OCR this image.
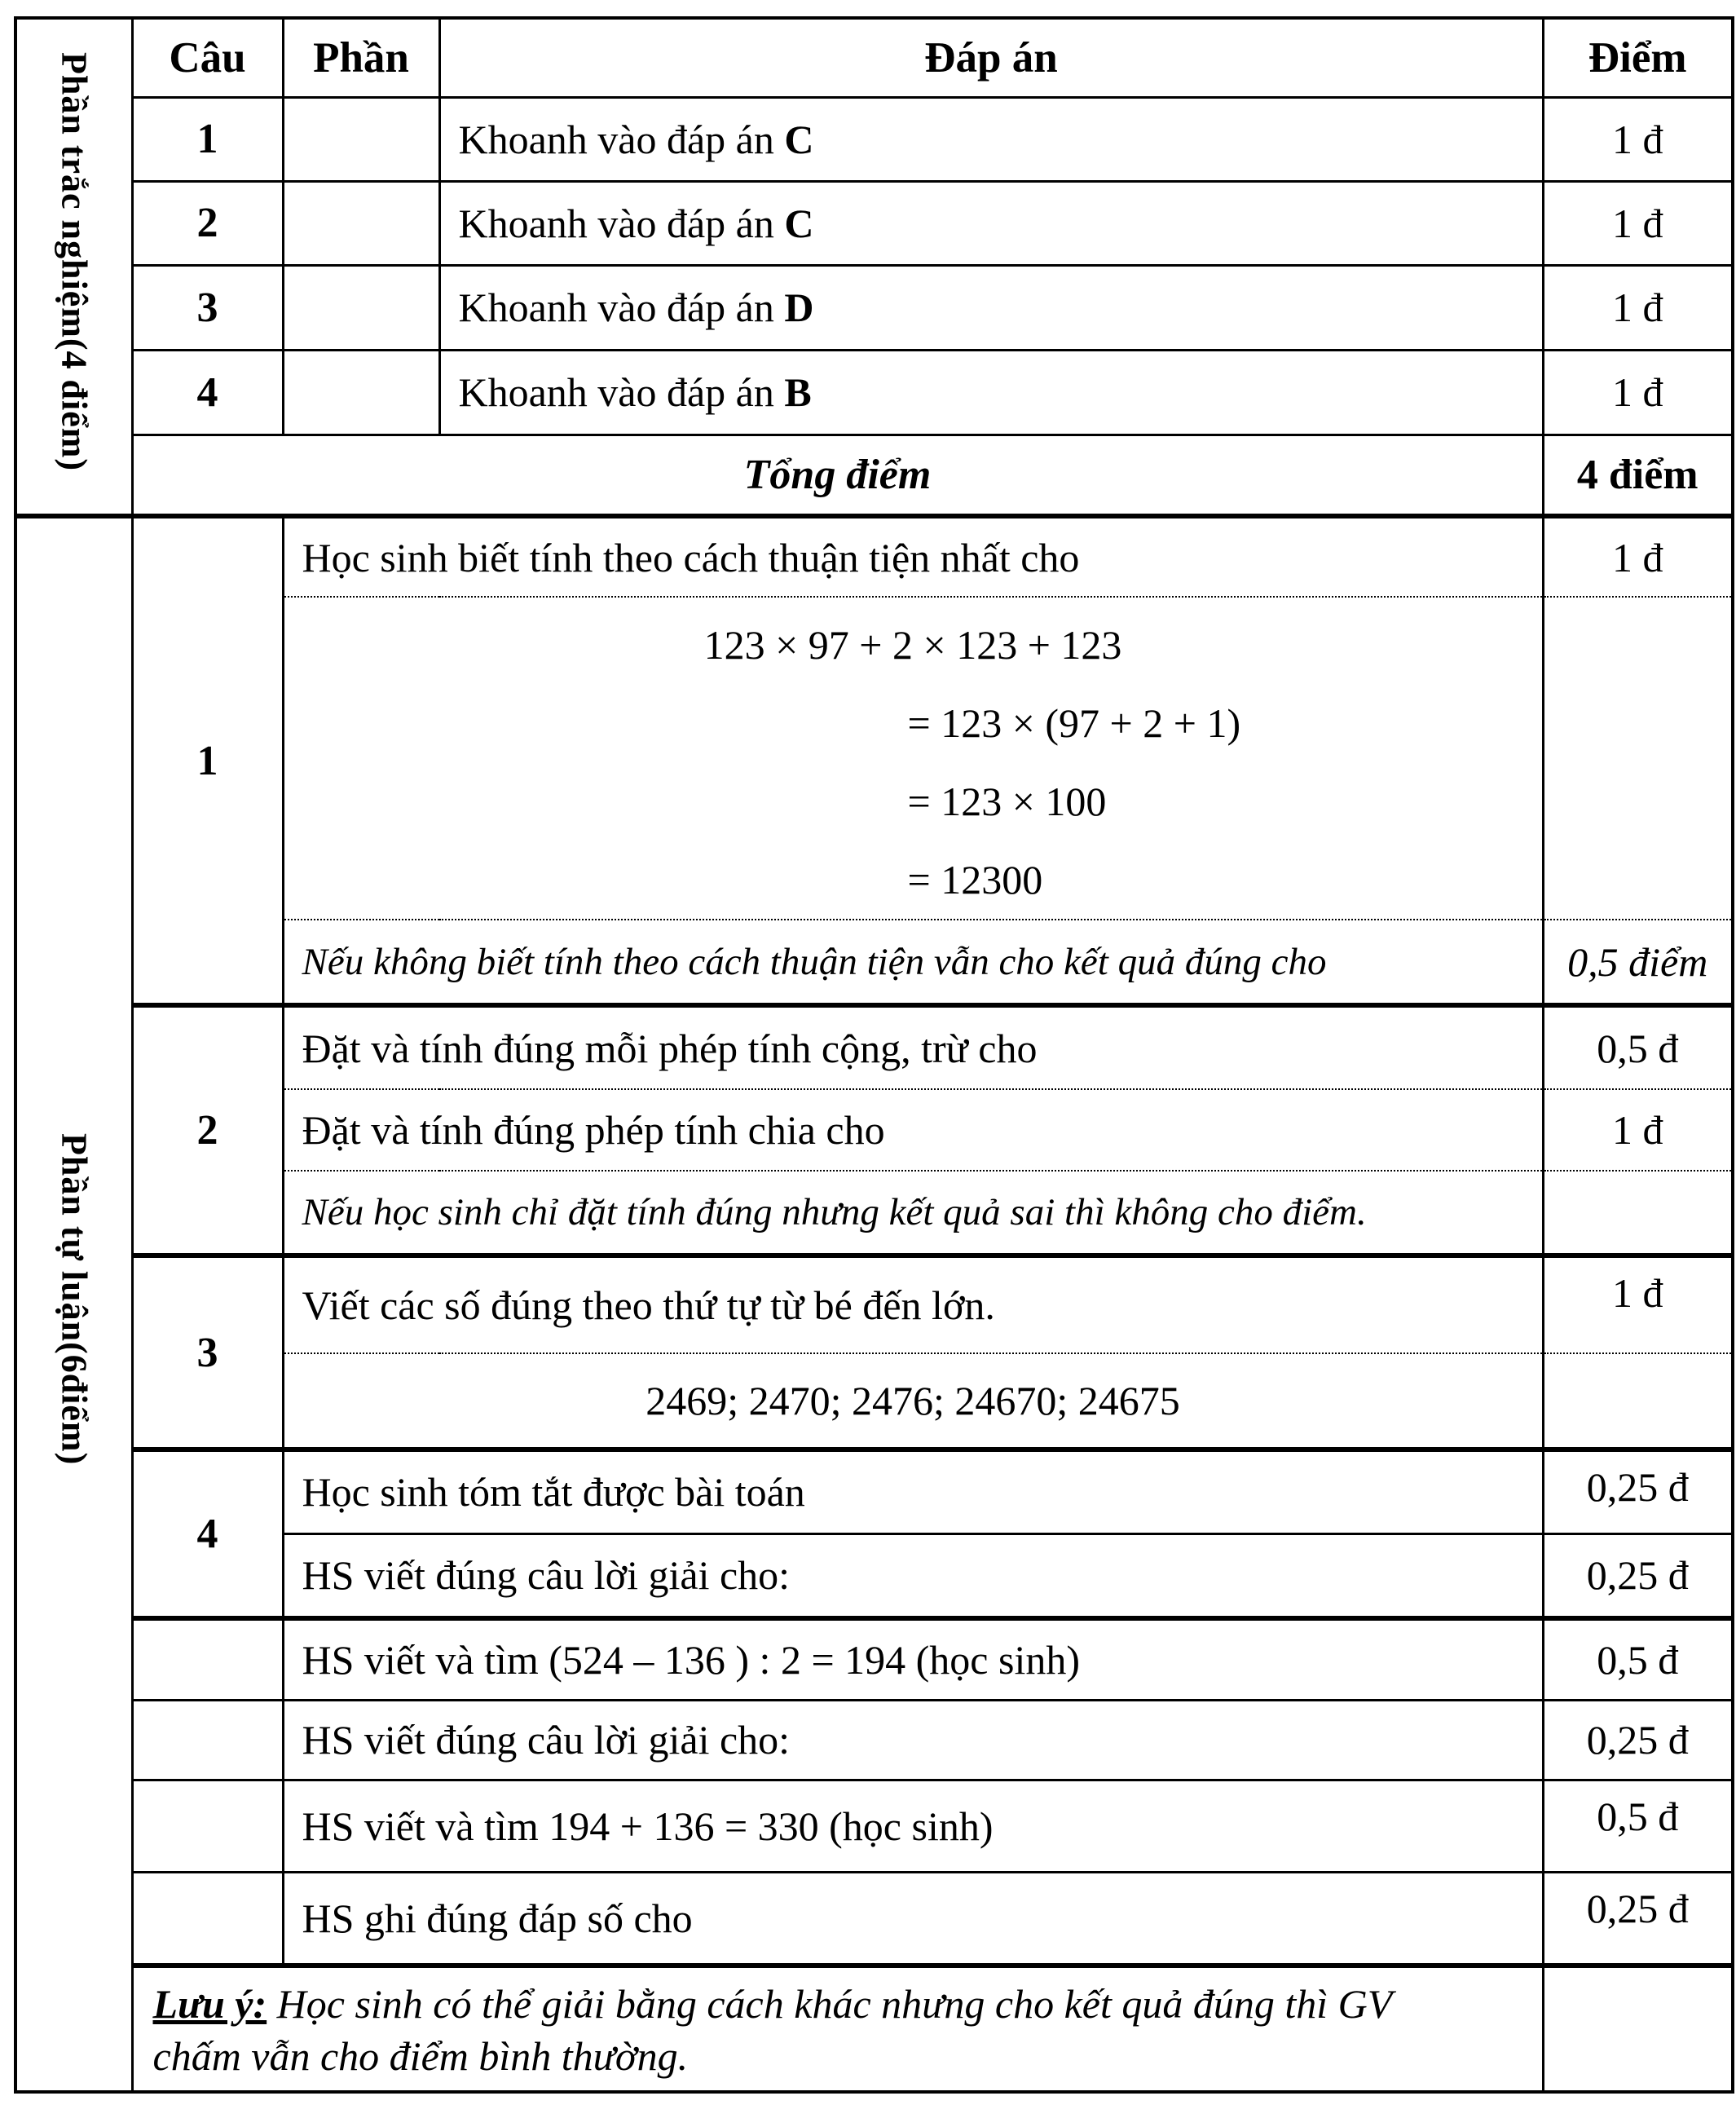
Phần trắc nghiệm(4 điểm)	Câu	Phần	Đáp án	Điểm
	1		Khoanh vào đáp án C	1 đ
	2		Khoanh vào đáp án C	1 đ
	3		Khoanh vào đáp án D	1 đ
	4		Khoanh vào đáp án B	1 đ
	Tổng điểm			4 điểm
Phần tự luận(6điểm)	1	Học sinh biết tính theo cách thuận tiện nhất cho		1 đ

		123 × 97 + 2 × 123 + 123
= 123 × (97 + 2 + 1)
= 123 × 100
= 12300		

		Nếu không biết tính theo cách thuận tiện vẫn cho kết quả đúng cho		0,5 điểm
	2	Đặt và tính đúng mỗi phép tính cộng, trừ cho		0,5 đ
		Đặt và tính đúng phép tính chia cho		1 đ
		Nếu học sinh chỉ đặt tính đúng nhưng kết quả sai thì không cho điểm.		
	3	Viết các số đúng theo thứ tự từ bé đến lớn.		1 đ
		2469; 2470; 2476; 24670; 24675		
	4	Học sinh tóm tắt được bài toán		0,25 đ
		HS viết đúng câu lời giải cho:		0,25 đ
		HS viết và tìm (524 – 136 ) : 2 = 194 (học sinh)		0,5 đ
		HS viết đúng câu lời giải cho:		0,25 đ
		HS viết và tìm 194 + 136 = 330 (học sinh)		0,5 đ
		HS ghi đúng đáp số cho		0,25 đ
	Lưu ý: Học sinh có thể giải bằng cách khác nhưng cho kết quả đúng thì GV chấm vẫn cho điểm bình thường.			
